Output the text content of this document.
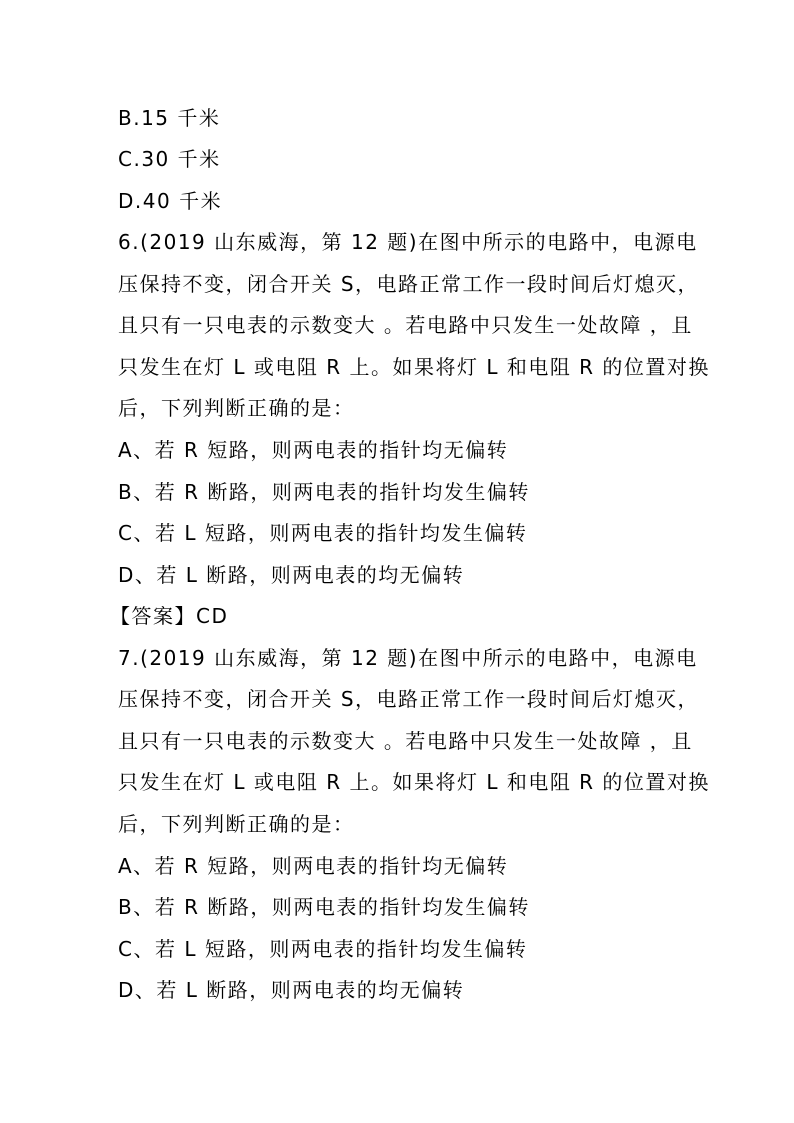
B.15 千米
C.30 千米
D.40 千米
6.(2019 山东威海，第 12 题)在图中所示的电路中，电源电
压保持不变，闭合开关 S，电路正常工作一段时间后灯熄灭，
且只有一只电表的示数变大 。若电路中只发生一处故障 ，且
只发生在灯 L 或电阻 R 上。如果将灯 L 和电阻 R 的位置对换
后，下列判断正确的是：
A、若 R 短路，则两电表的指针均无偏转
B、若 R 断路，则两电表的指针均发生偏转
C、若 L 短路，则两电表的指针均发生偏转
D、若 L 断路，则两电表的均无偏转
【答案】CD
7.(2019 山东威海，第 12 题)在图中所示的电路中，电源电
压保持不变，闭合开关 S，电路正常工作一段时间后灯熄灭，
且只有一只电表的示数变大 。若电路中只发生一处故障 ，且
只发生在灯 L 或电阻 R 上。如果将灯 L 和电阻 R 的位置对换
后，下列判断正确的是：
A、若 R 短路，则两电表的指针均无偏转
B、若 R 断路，则两电表的指针均发生偏转
C、若 L 短路，则两电表的指针均发生偏转
D、若 L 断路，则两电表的均无偏转
